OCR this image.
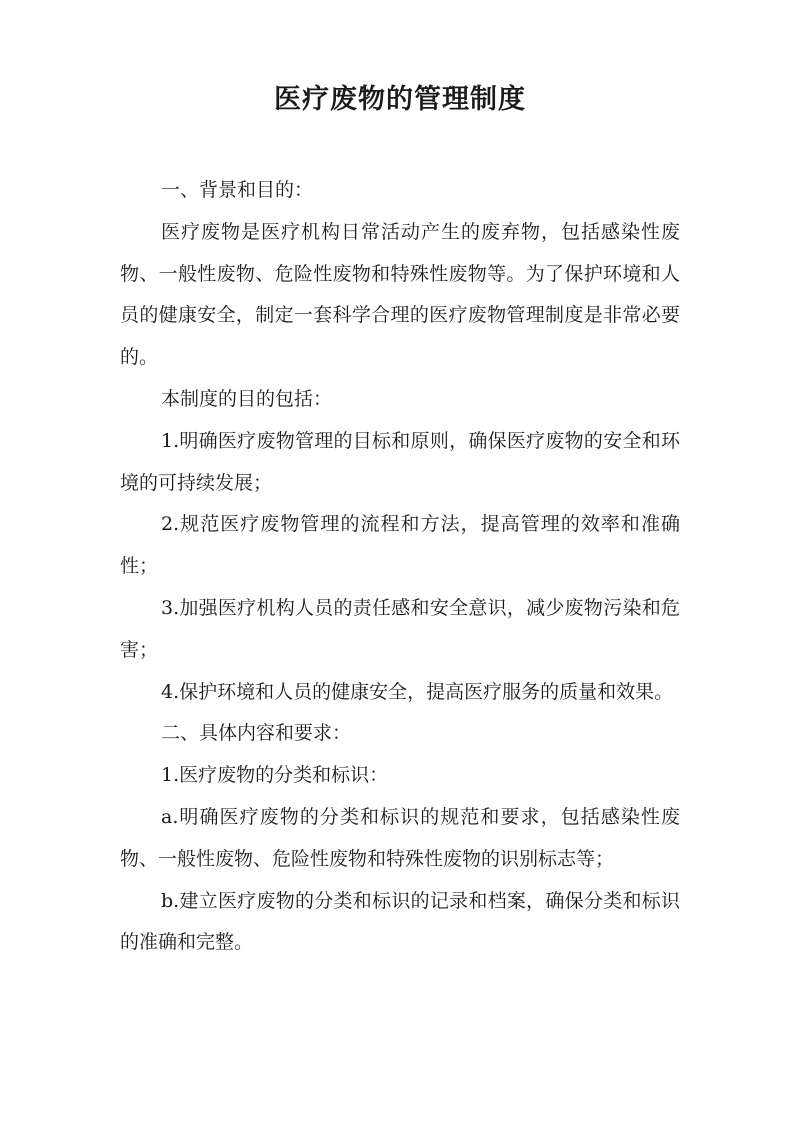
医疗废物的管理制度

一、背景和目的：

医疗废物是医疗机构日常活动产生的废弃物，包括感染性废物、一般性废物、危险性废物和特殊性废物等。为了保护环境和人员的健康安全，制定一套科学合理的医疗废物管理制度是非常必要的。

本制度的目的包括：

1.明确医疗废物管理的目标和原则，确保医疗废物的安全和环境的可持续发展；

2.规范医疗废物管理的流程和方法，提高管理的效率和准确性；

3.加强医疗机构人员的责任感和安全意识，减少废物污染和危害；

4.保护环境和人员的健康安全，提高医疗服务的质量和效果。

二、具体内容和要求：

1.医疗废物的分类和标识：

a.明确医疗废物的分类和标识的规范和要求，包括感染性废物、一般性废物、危险性废物和特殊性废物的识别标志等；

b.建立医疗废物的分类和标识的记录和档案，确保分类和标识的准确和完整。
